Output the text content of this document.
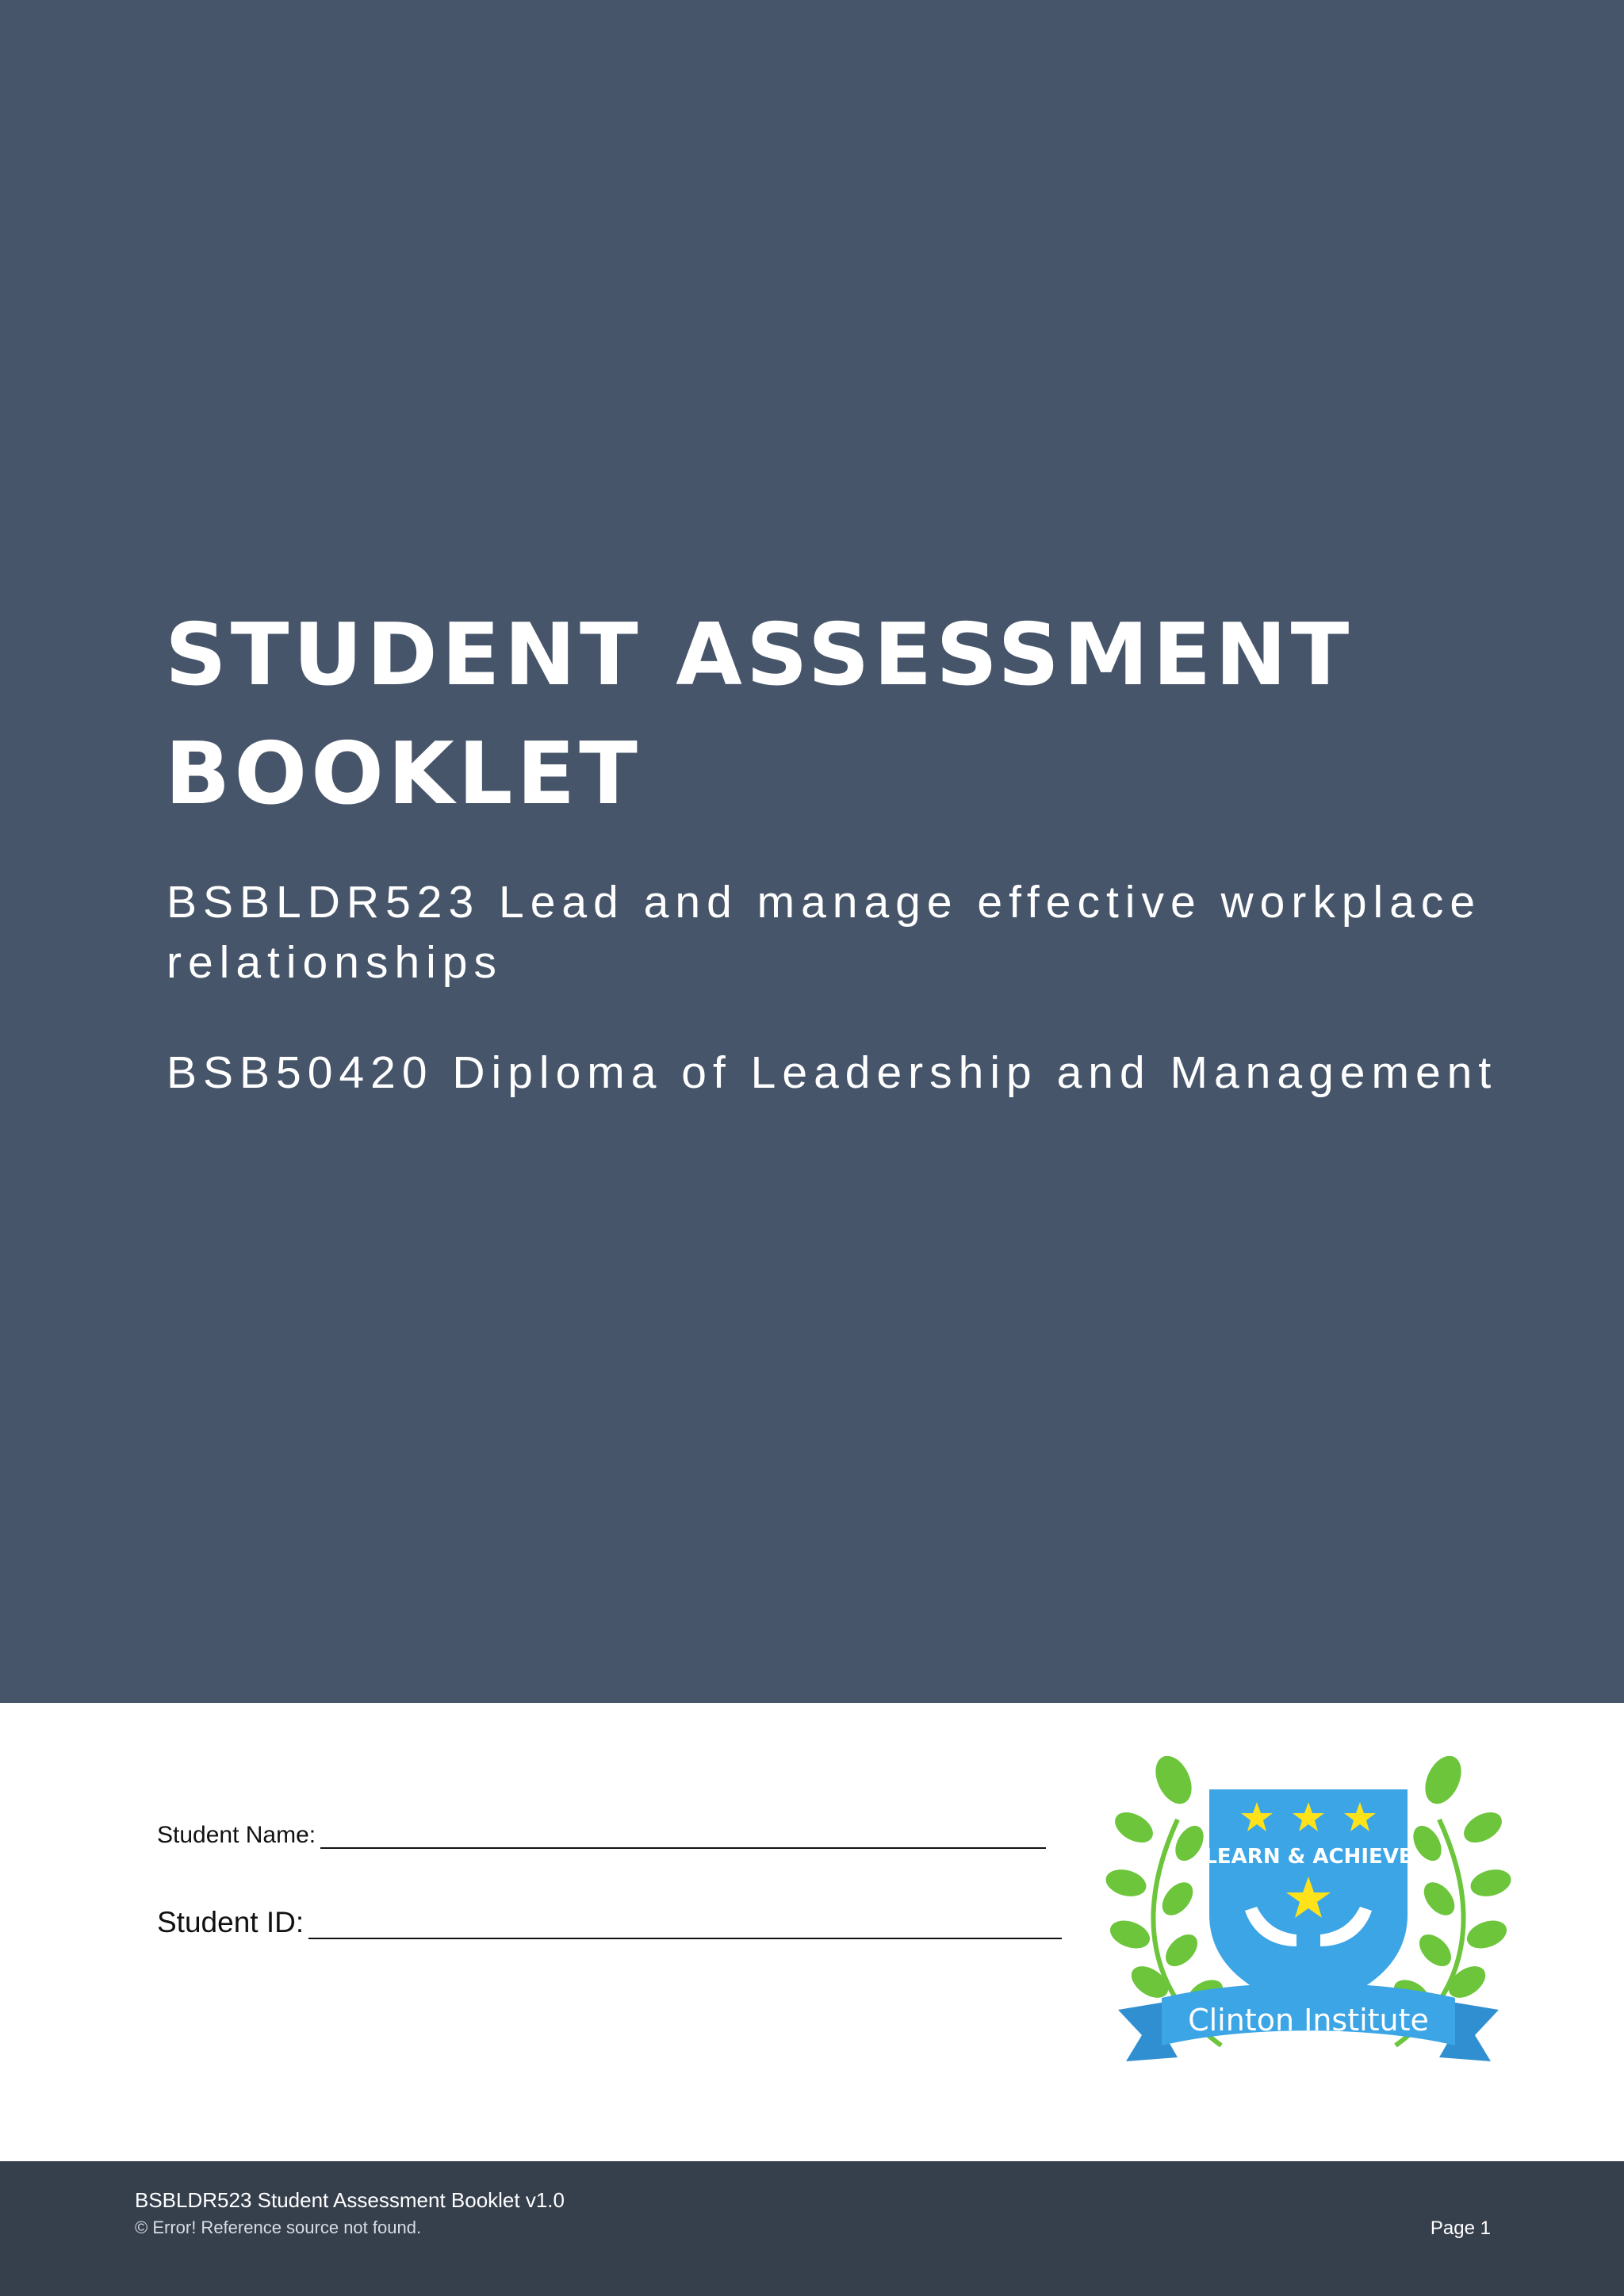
STUDENT ASSESSMENT BOOKLET

BSBLDR523 Lead and manage effective workplace relationships

BSB50420 Diploma of Leadership and Management

Student Name:
Student ID:
LEARN & ACHIEVE
Clinton Institute
BSBLDR523 Student Assessment Booklet v1.0
© Error! Reference source not found.	Page 1
